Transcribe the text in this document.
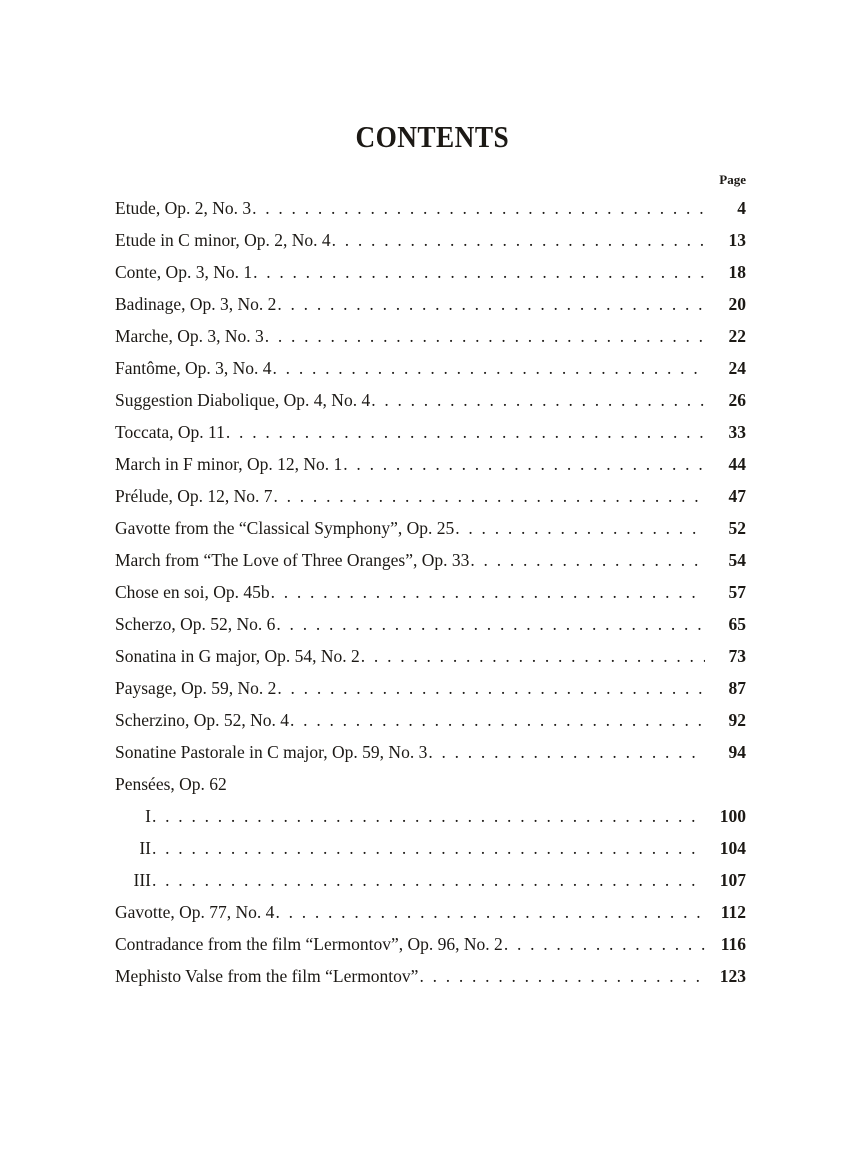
CONTENTS
Page
Etude, Op. 2, No. 3 . . .	4
Etude in C minor, Op. 2, No. 4 . . .	13
Conte, Op. 3, No. 1 . . .	18
Badinage, Op. 3, No. 2 . . .	20
Marche, Op. 3, No. 3 . . .	22
Fantôme, Op. 3, No. 4 . . .	24
Suggestion Diabolique, Op. 4, No. 4 . . .	26
Toccata, Op. 11 . . .	33
March in F minor, Op. 12, No. 1 . . .	44
Prélude, Op. 12, No. 7 . . .	47
Gavotte from the “Classical Symphony”, Op. 25 . . .	52
March from “The Love of Three Oranges”, Op. 33 . . .	54
Chose en soi, Op. 45b . . .	57
Scherzo, Op. 52, No. 6 . . .	65
Sonatina in G major, Op. 54, No. 2 . . .	73
Paysage, Op. 59, No. 2 . . .	87
Scherzino, Op. 52, No. 4 . . .	92
Sonatine Pastorale in C major, Op. 59, No. 3 . . .	94
Pensées, Op. 62
I . . .	100
II . . .	104
III . . .	107
Gavotte, Op. 77, No. 4 . . .	112
Contradance from the film “Lermontov”, Op. 96, No. 2 . . .	116
Mephisto Valse from the film “Lermontov” . . .	123
